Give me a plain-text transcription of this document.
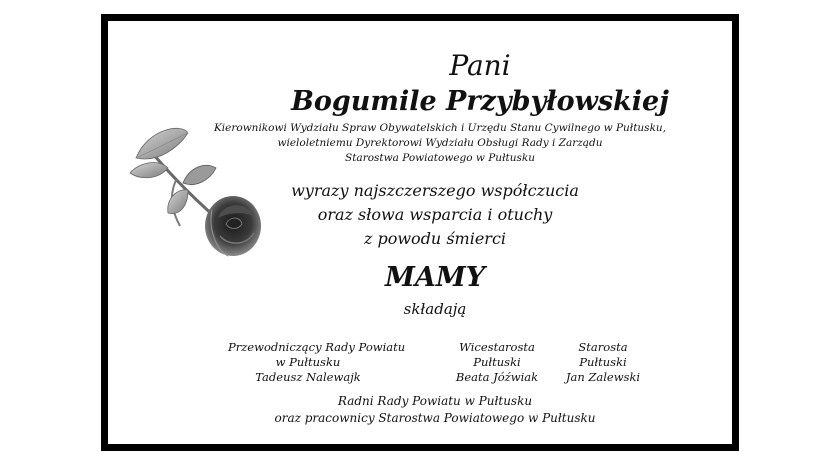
Pani
Bogumile Przybyłowskiej
Kierownikowi Wydziału Spraw Obywatelskich i Urzędu Stanu Cywilnego w Pułtusku,
wieloletniemu Dyrektorowi Wydziału Obsługi Rady i Zarządu
Starostwa Powiatowego w Pułtusku
wyrazy najszczerszego współczucia
oraz słowa wsparcia i otuchy
z powodu śmierci
MAMY
składają
Przewodniczący Rady Powiatu
w Pułtusku
Tadeusz Nalewajk
Wicestarosta
Pułtuski
Beata Jóźwiak
Starosta
Pułtuski
Jan Zalewski
Radni Rady Powiatu w Pułtusku
oraz pracownicy Starostwa Powiatowego w Pułtusku
